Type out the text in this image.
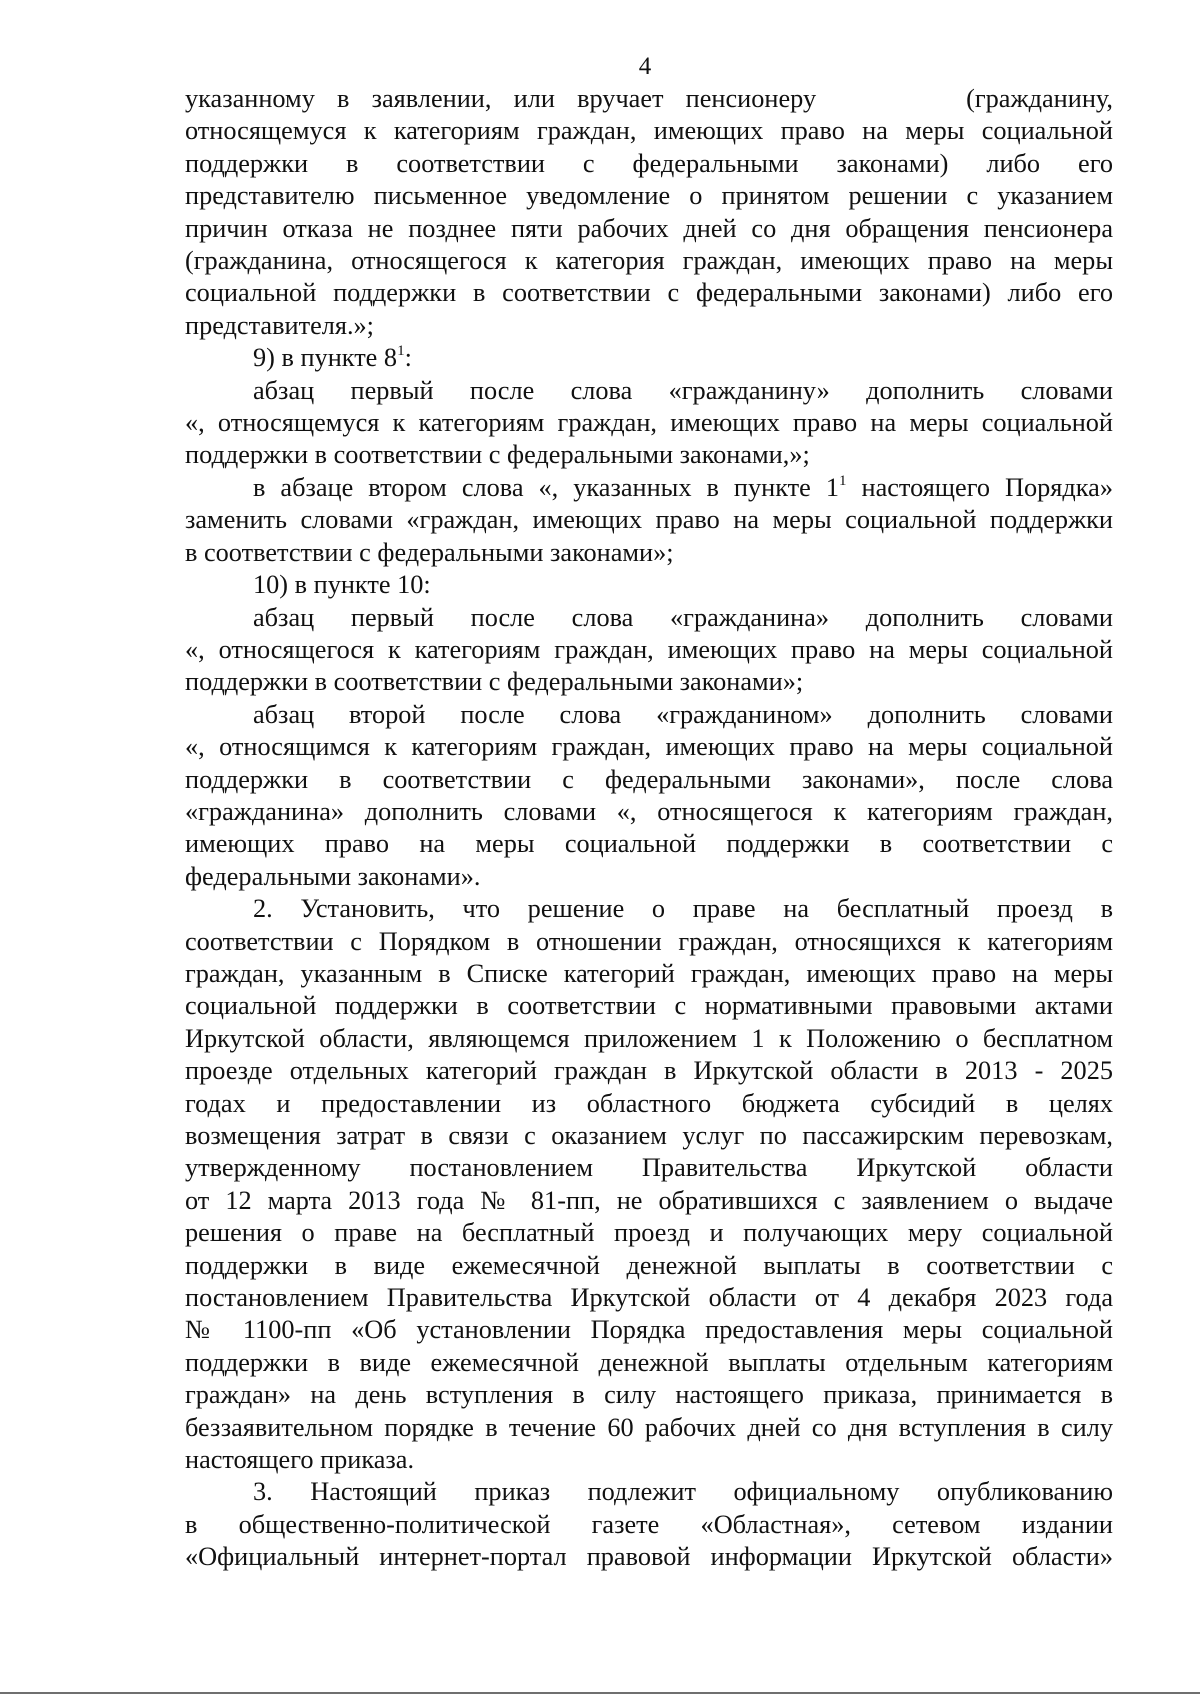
4

указанному в заявлении, или вручает пенсионеру	(гражданину,

относящемуся к категориям граждан, имеющих право на меры социальной

поддержки в соответствии с федеральными законами) либо его

представителю письменное уведомление о принятом решении с указанием

причин отказа не позднее пяти рабочих дней со дня обращения пенсионера

(гражданина, относящегося к категория граждан, имеющих право на меры

социальной поддержки в соответствии с федеральными законами) либо его

представителя.»;

9) в пункте $8^1$:

абзац первый после слова «гражданину» дополнить словами

«, относящемуся к категориям граждан, имеющих право на меры социальной

поддержки в соответствии с федеральными законами,»;

в абзаце втором слова «, указанных в пункте $1^1$ настоящего Порядка»

заменить словами «граждан, имеющих право на меры социальной поддержки

в соответствии с федеральными законами»;

10) в пункте 10:

абзац первый после слова «гражданина» дополнить словами

«, относящегося к категориям граждан, имеющих право на меры социальной

поддержки в соответствии с федеральными законами»;

абзац второй после слова «гражданином» дополнить словами

«, относящимся к категориям граждан, имеющих право на меры социальной

поддержки в соответствии с федеральными законами», после слова

«гражданина» дополнить словами «, относящегося к категориям граждан,

имеющих право на меры социальной поддержки в соответствии с

федеральными законами».

2. Установить, что решение о праве на бесплатный проезд в

соответствии с Порядком в отношении граждан, относящихся к категориям

граждан, указанным в Списке категорий граждан, имеющих право на меры

социальной поддержки в соответствии с нормативными правовыми актами

Иркутской области, являющемся приложением 1 к Положению о бесплатном

проезде отдельных категорий граждан в Иркутской области в 2013 - 2025

годах и предоставлении из областного бюджета субсидий в целях

возмещения затрат в связи с оказанием услуг по пассажирским перевозкам,

утвержденному постановлением Правительства Иркутской области

от 12 марта 2013 года № 81-пп, не обратившихся с заявлением о выдаче

решения о праве на бесплатный проезд и получающих меру социальной

поддержки в виде ежемесячной денежной выплаты в соответствии с

постановлением Правительства Иркутской области от 4 декабря 2023 года

№ 1100-пп «Об установлении Порядка предоставления меры социальной

поддержки в виде ежемесячной денежной выплаты отдельным категориям

граждан» на день вступления в силу настоящего приказа, принимается в

беззаявительном порядке в течение 60 рабочих дней со дня вступления в силу

настоящего приказа.

3. Настоящий приказ подлежит официальному опубликованию

в общественно-политической газете «Областная», сетевом издании

«Официальный интернет-портал правовой информации Иркутской области»
